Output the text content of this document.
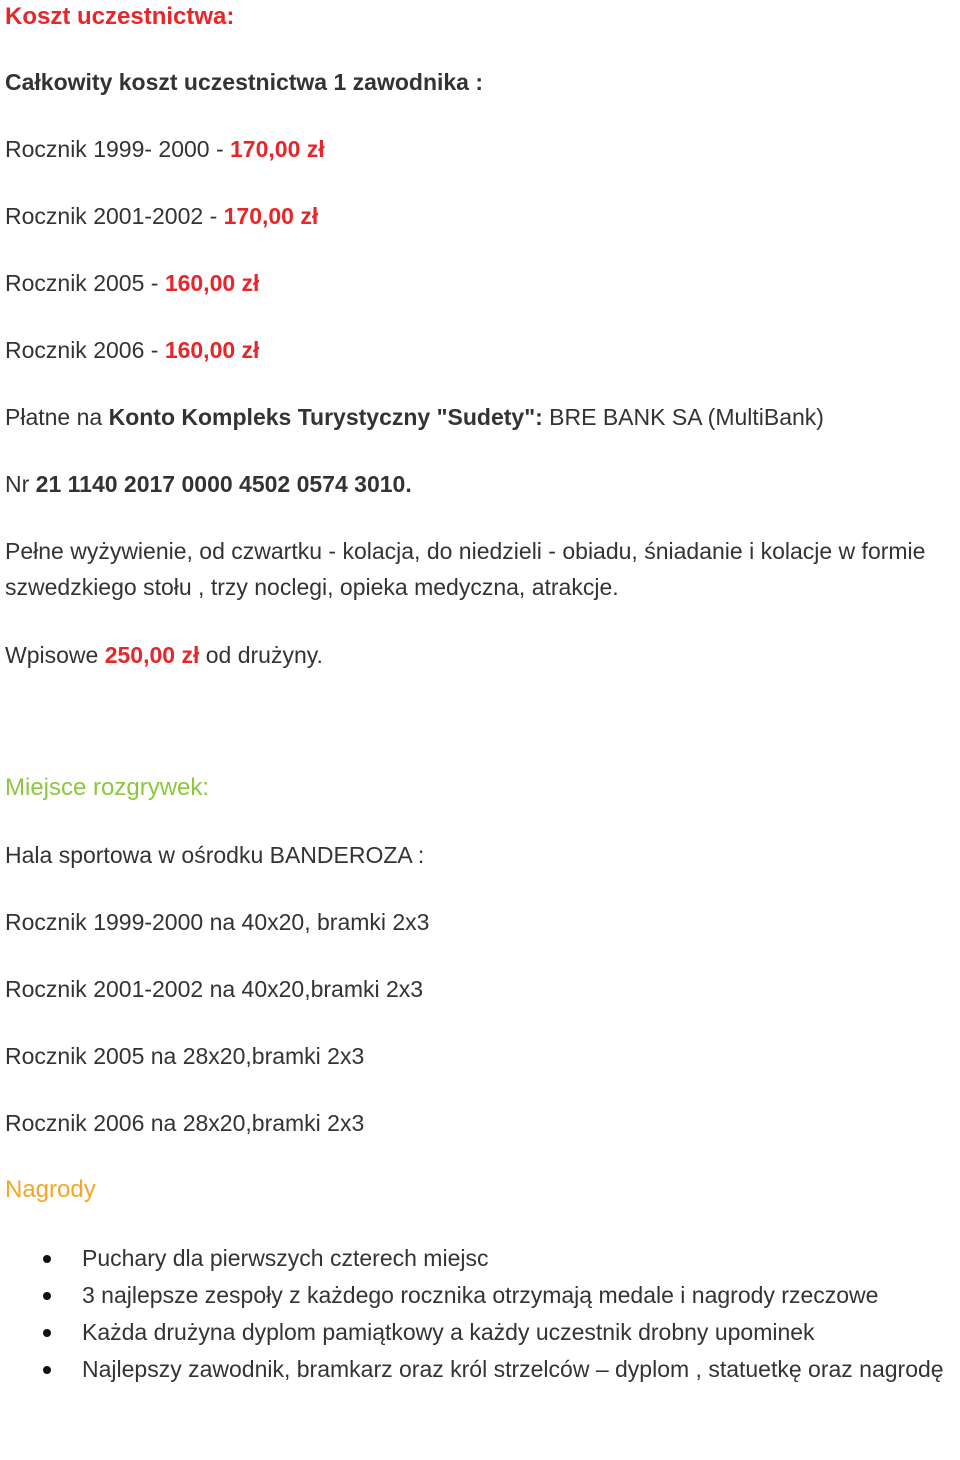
Koszt uczestnictwa:

Całkowity koszt uczestnictwa 1 zawodnika :

Rocznik 1999- 2000 - 170,00 zł

Rocznik 2001-2002 - 170,00 zł

Rocznik 2005 - 160,00 zł

Rocznik 2006 - 160,00 zł

Płatne na Konto Kompleks Turystyczny "Sudety": BRE BANK SA (MultiBank)

Nr 21 1140 2017 0000 4502 0574 3010.

Pełne wyżywienie, od czwartku - kolacja, do niedzieli - obiadu, śniadanie i kolacje w formie szwedzkiego stołu , trzy noclegi, opieka medyczna, atrakcje.

Wpisowe 250,00 zł od drużyny.

Miejsce rozgrywek:

Hala sportowa w ośrodku BANDEROZA :

Rocznik 1999-2000 na 40x20, bramki 2x3

Rocznik 2001-2002 na 40x20,bramki 2x3

Rocznik 2005 na 28x20,bramki 2x3

Rocznik 2006 na 28x20,bramki 2x3

Nagrody

Puchary dla pierwszych czterech miejsc
3 najlepsze zespoły z każdego rocznika otrzymają medale i nagrody rzeczowe
Każda drużyna dyplom pamiątkowy a każdy uczestnik drobny upominek
Najlepszy zawodnik, bramkarz oraz król strzelców – dyplom , statuetkę oraz nagrodę
